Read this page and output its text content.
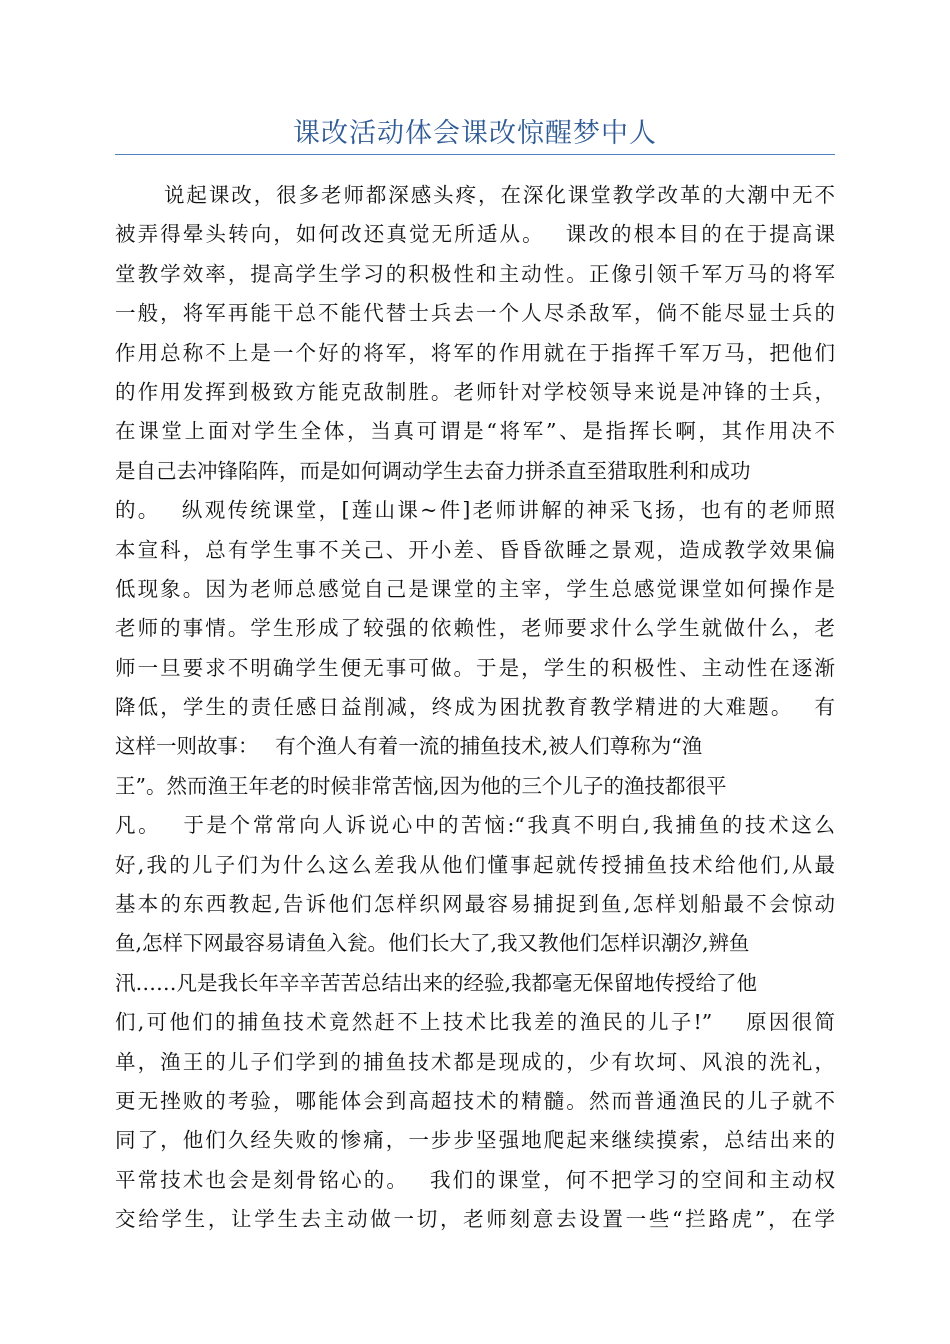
课改活动体会课改惊醒梦中人
说起课改，很多老师都深感头疼，在深化课堂教学改革的大潮中无不
被弄得晕头转向，如何改还真觉无所适从。　 课改的根本目的在于提高课
堂教学效率，提高学生学习的积极性和主动性。正像引领千军万马的将军
一般，将军再能干总不能代替士兵去一个人尽杀敌军，倘不能尽显士兵的
作用总称不上是一个好的将军，将军的作用就在于指挥千军万马，把他们
的作用发挥到极致方能克敌制胜。老师针对学校领导来说是冲锋的士兵，
在课堂上面对学生全体，当真可谓是“将军”、是指挥长啊，其作用决不
是自己去冲锋陷阵，而是如何调动学生去奋力拼杀直至猎取胜利和成功
的。　 纵观传统课堂，[莲山课~件]老师讲解的神采飞扬，也有的老师照
本宣科，总有学生事不关己、开小差、昏昏欲睡之景观，造成教学效果偏
低现象。因为老师总感觉自己是课堂的主宰，学生总感觉课堂如何操作是
老师的事情。学生形成了较强的依赖性，老师要求什么学生就做什么，老
师一旦要求不明确学生便无事可做。于是，学生的积极性、主动性在逐渐
降低，学生的责任感日益削减，终成为困扰教育教学精进的大难题。　 有
这样一则故事：　 有个渔人有着一流的捕鱼技术,被人们尊称为“渔
王”。然而渔王年老的时候非常苦恼,因为他的三个儿子的渔技都很平
凡。　 于是个常常向人诉说心中的苦恼:“我真不明白,我捕鱼的技术这么
好,我的儿子们为什么这么差我从他们懂事起就传授捕鱼技术给他们,从最
基本的东西教起,告诉他们怎样织网最容易捕捉到鱼,怎样划船最不会惊动
鱼,怎样下网最容易请鱼入瓮。他们长大了,我又教他们怎样识潮汐,辨鱼
汛……凡是我长年辛辛苦苦总结出来的经验,我都毫无保留地传授给了他
们,可他们的捕鱼技术竟然赶不上技术比我差的渔民的儿子!”　 原因很简
单，渔王的儿子们学到的捕鱼技术都是现成的，少有坎坷、风浪的洗礼，
更无挫败的考验，哪能体会到高超技术的精髓。然而普通渔民的儿子就不
同了，他们久经失败的惨痛，一步步坚强地爬起来继续摸索，总结出来的
平常技术也会是刻骨铭心的。　 我们的课堂，何不把学习的空间和主动权
交给学生，让学生去主动做一切，老师刻意去设置一些“拦路虎”，在学
